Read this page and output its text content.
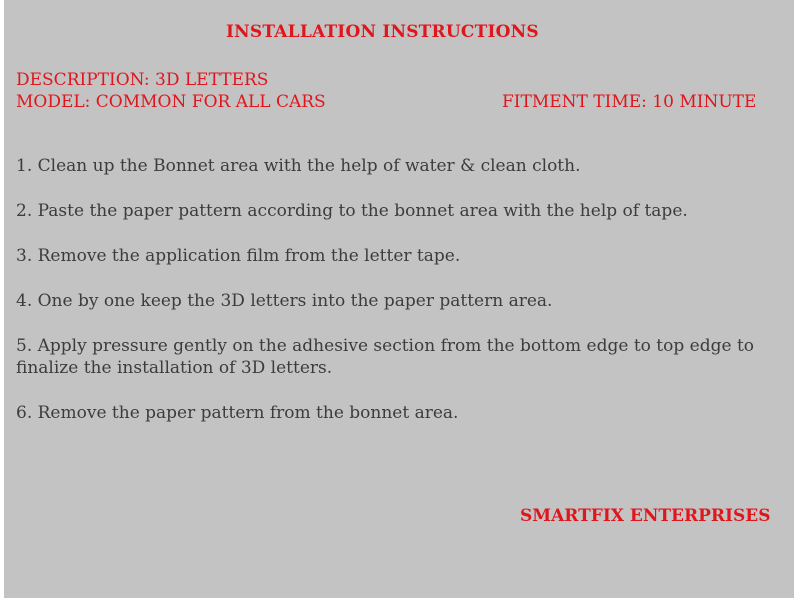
INSTALLATION INSTRUCTIONS
DESCRIPTION: 3D LETTERS
MODEL: COMMON FOR ALL CARS	FITMENT TIME: 10 MINUTE
1. Clean up the Bonnet area with the help of water & clean cloth.
2. Paste the paper pattern according to the bonnet area with the help of tape.
3. Remove the application film from the letter tape.
4. One by one keep the 3D letters into the paper pattern area.
5. Apply pressure gently on the adhesive section from the bottom edge to top edge to finalize the installation of 3D letters.
6. Remove the paper pattern from the bonnet area.
SMARTFIX ENTERPRISES
